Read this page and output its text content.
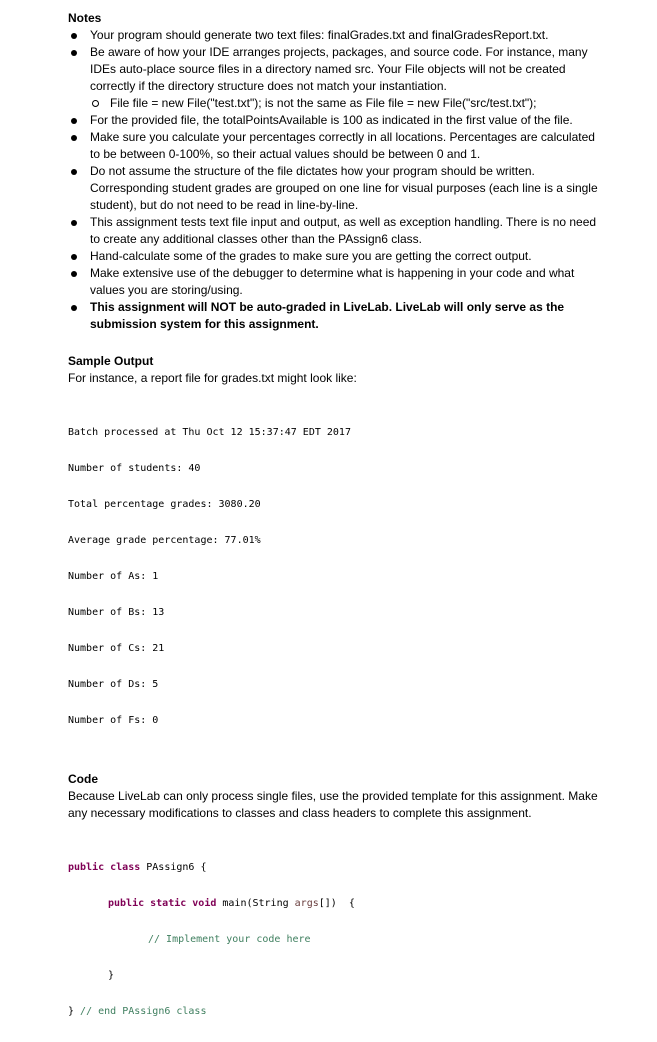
Notes

Your program should generate two text files: finalGrades.txt and finalGradesReport.txt.
Be aware of how your IDE arranges projects, packages, and source code. For instance, many IDEs auto-place source files in a directory named src. Your File objects will not be created correctly if the directory structure does not match your instantiation.
File file = new File("test.txt"); is not the same as File file = new File("src/test.txt");
For the provided file, the totalPointsAvailable is 100 as indicated in the first value of the file.
Make sure you calculate your percentages correctly in all locations. Percentages are calculated to be between 0-100%, so their actual values should be between 0 and 1.
Do not assume the structure of the file dictates how your program should be written. Corresponding student grades are grouped on one line for visual purposes (each line is a single student), but do not need to be read in line-by-line.
This assignment tests text file input and output, as well as exception handling. There is no need to create any additional classes other than the PAssign6 class.
Hand-calculate some of the grades to make sure you are getting the correct output.
Make extensive use of the debugger to determine what is happening in your code and what values you are storing/using.
This assignment will NOT be auto-graded in LiveLab. LiveLab will only serve as the submission system for this assignment.

Sample Output

For instance, a report file for grades.txt might look like:

Batch processed at Thu Oct 12 15:37:47 EDT 2017

Number of students: 40

Total percentage grades: 3080.20

Average grade percentage: 77.01%

Number of As: 1

Number of Bs: 13

Number of Cs: 21

Number of Ds: 5

Number of Fs: 0

Code

Because LiveLab can only process single files, use the provided template for this assignment. Make any necessary modifications to classes and class headers to complete this assignment.

public class PAssign6 {

public static void main(String args[])  {

// Implement your code here

}

} // end PAssign6 class
